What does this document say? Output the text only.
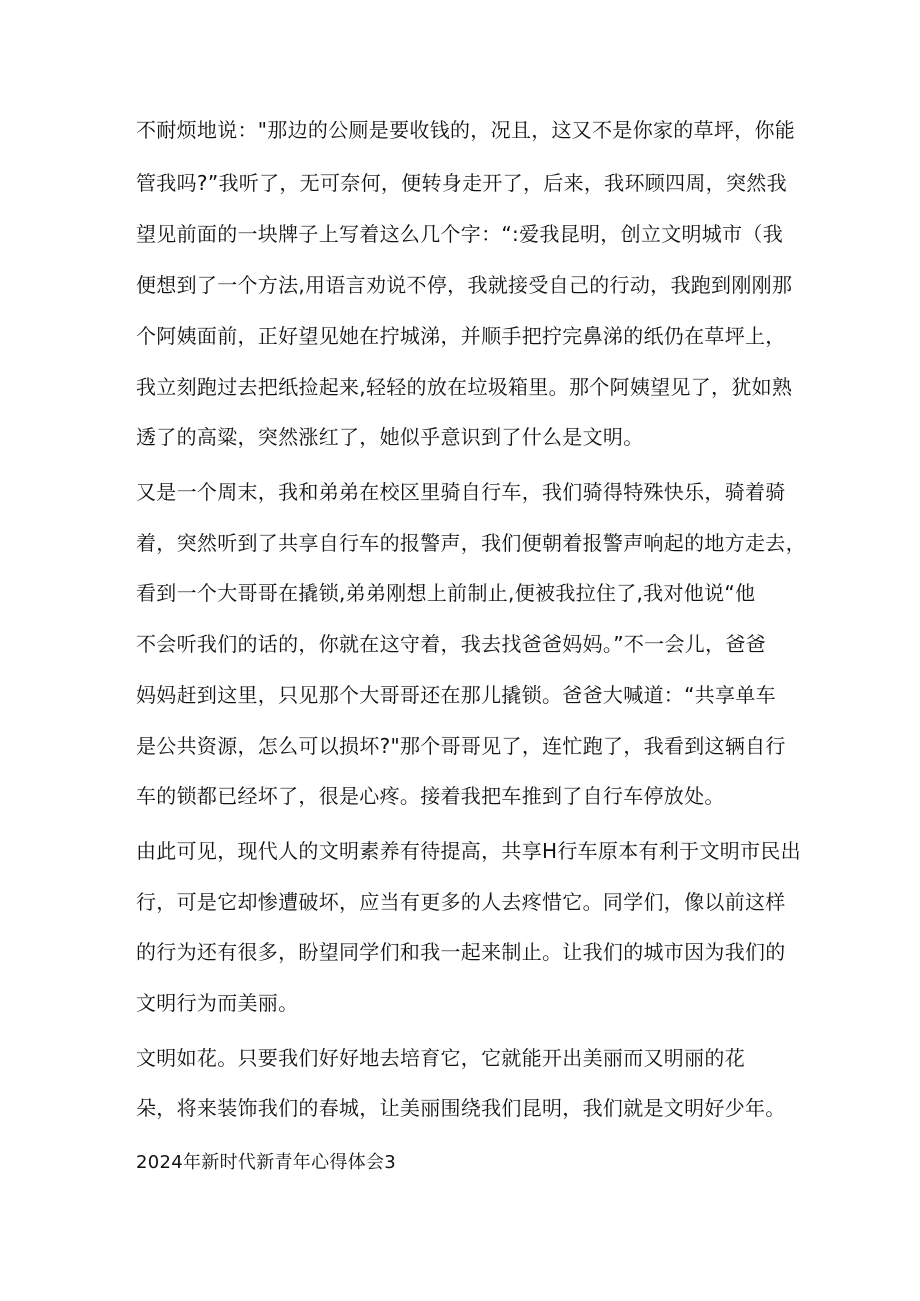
不耐烦地说："那边的公厕是要收钱的，况且，这又不是你家的草坪，你能
管我吗?”我听了，无可奈何，便转身走开了，后来，我环顾四周，突然我
望见前面的一块牌子上写着这么几个字：“:爱我昆明，创立文明城市（我
便想到了一个方法,用语言劝说不停，我就接受自己的行动，我跑到刚刚那
个阿姨面前，正好望见她在拧城涕，并顺手把拧完鼻涕的纸仍在草坪上，
我立刻跑过去把纸捡起来,轻轻的放在垃圾箱里。那个阿姨望见了，犹如熟
透了的高粱，突然涨红了，她似乎意识到了什么是文明。
又是一个周末，我和弟弟在校区里骑自行车，我们骑得特殊快乐，骑着骑
着，突然听到了共享自行车的报警声，我们便朝着报警声响起的地方走去，
看到一个大哥哥在撬锁,弟弟刚想上前制止,便被我拉住了,我对他说“他
不会听我们的话的，你就在这守着，我去找爸爸妈妈。”不一会儿，爸爸
妈妈赶到这里，只见那个大哥哥还在那儿撬锁。爸爸大喊道：“共享单车
是公共资源，怎么可以损坏?"那个哥哥见了，连忙跑了，我看到这辆自行
车的锁都已经坏了，很是心疼。接着我把车推到了自行车停放处。
由此可见，现代人的文明素养有待提高，共享H行车原本有利于文明市民出
行，可是它却惨遭破坏，应当有更多的人去疼惜它。同学们，像以前这样
的行为还有很多，盼望同学们和我一起来制止。让我们的城市因为我们的
文明行为而美丽。
文明如花。只要我们好好地去培育它，它就能开出美丽而又明丽的花
朵，将来装饰我们的春城，让美丽围绕我们昆明，我们就是文明好少年。
2024年新时代新青年心得体会3
